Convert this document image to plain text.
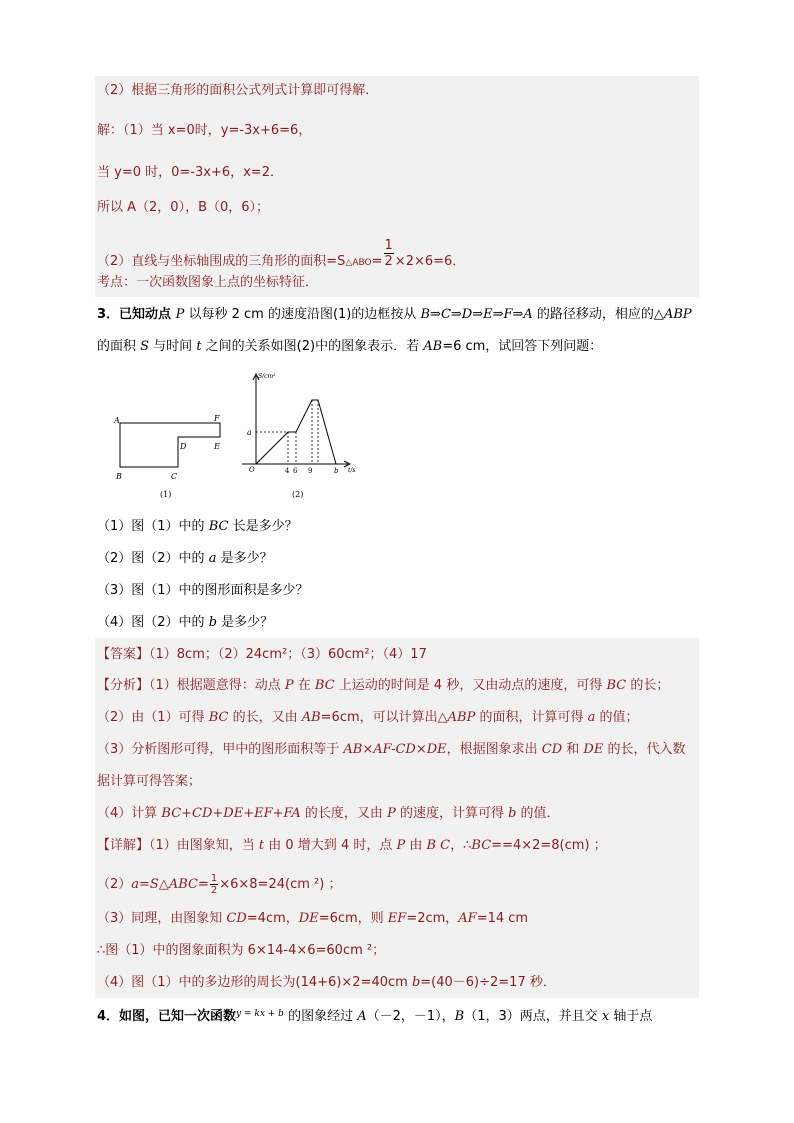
（2）根据三角形的面积公式列式计算即可得解．
解：（1）当 x=0时，y=-3x+6=6，
当 y=0 时，0=-3x+6，x=2．
所以 A（2，0），B（0，6）；
（2）直线与坐标轴围成的三角形的面积=S△ABO= $\frac{1}{2} \times 2\times 6=6$．
考点：一次函数图象上点的坐标特征．
3．已知动点 P 以每秒 2 cm 的速度沿图(1)的边框按从 B⇒C⇒D⇒E⇒F⇒A 的路径移动，相应的△ABP
的面积 S 与时间 t 之间的关系如图(2)中的图象表示．若 AB=6 cm，试回答下列问题：
A	F
D	E
B	C
(1)
S/cm²
t/s
a
O	4 6 9	b
(2)
（1）图（1）中的 BC 长是多少？
（2）图（2）中的 a 是多少？
（3）图（1）中的图形面积是多少？
（4）图（2）中的 b 是多少？
【答案】（1）8cm；（2）24cm²；（3）60cm²；（4）17
【分析】（1）根据题意得：动点 P 在 BC 上运动的时间是 4 秒，又由动点的速度，可得 BC 的长；
（2）由（1）可得 BC 的长，又由 AB=6cm，可以计算出△ABP 的面积，计算可得 a 的值；
（3）分析图形可得，甲中的图形面积等于 AB×AF-CD×DE，根据图象求出 CD 和 DE 的长，代入数
据计算可得答案；
（4）计算 BC+CD+DE+EF+FA 的长度，又由 P 的速度，计算可得 b 的值．
【详解】（1）由图象知，当 t 由 0 增大到 4 时，点 P 由 B C，∴BC==4×2=8(cm) ；
（2）a=S△ABC= $\frac{1}{2} \times 6\times 8=24(cm$ ²) ；
（3）同理，由图象知 CD=4cm，DE=6cm，则 EF=2cm，AF=14 cm
∴图（1）中的图象面积为 6×14-4×6=60cm ²；
（4）图（1）中的多边形的周长为(14+6)×2=40cm b=(40－6)÷2=17 秒．
4．如图，已知一次函数$^{y = kx + b}$ 的图象经过 A（－2，－1），B（1，3）两点，并且交 x 轴于点
